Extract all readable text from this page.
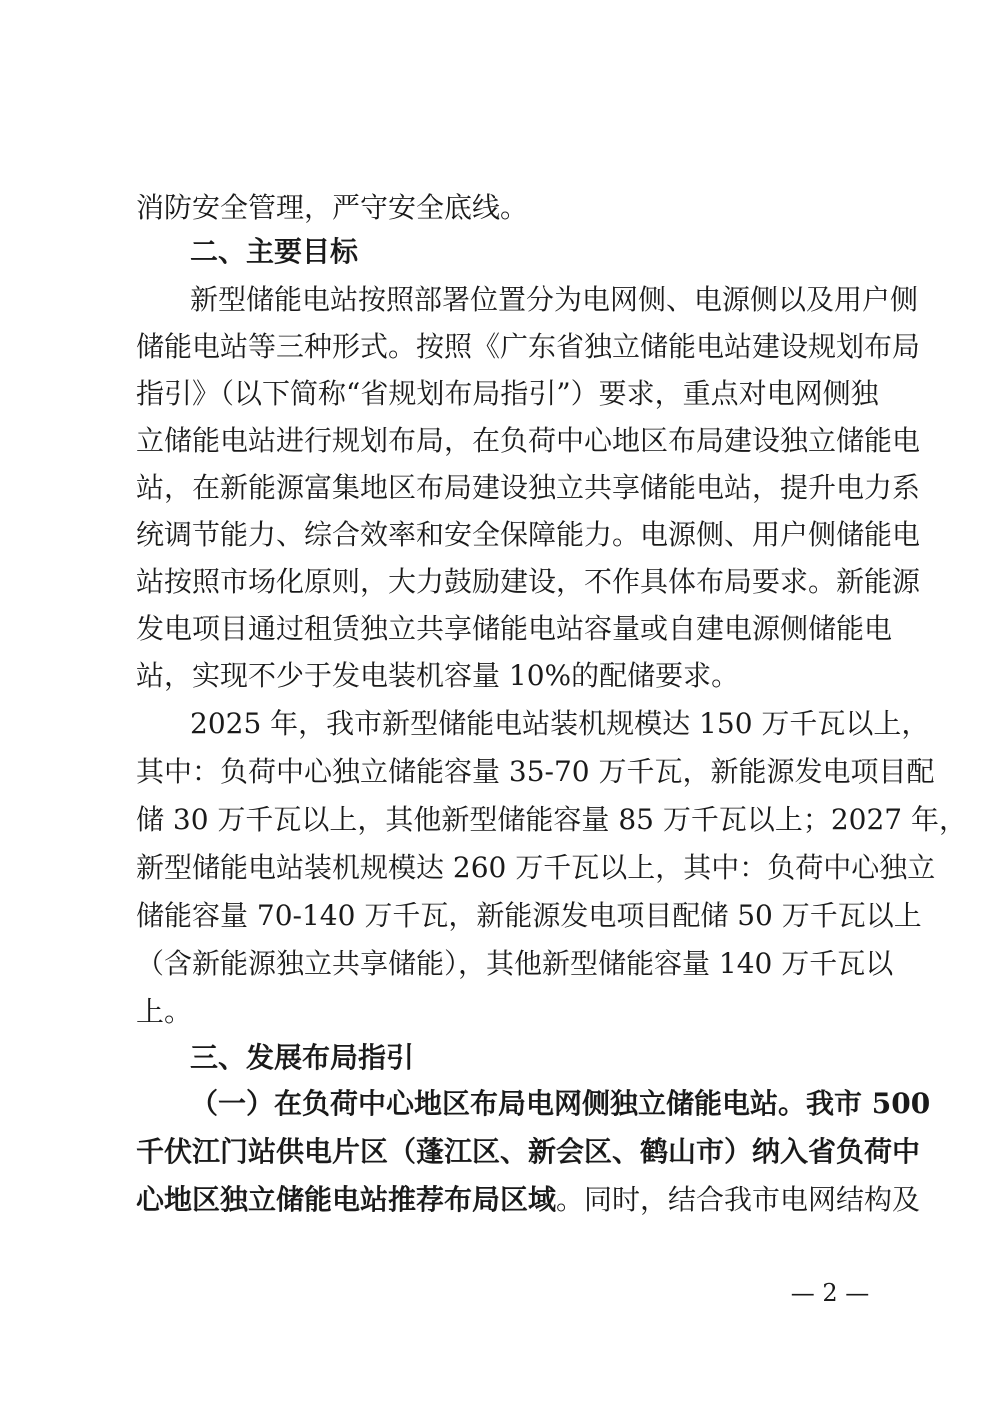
消防安全管理，严守安全底线。
二、主要目标
新型储能电站按照部署位置分为电网侧、电源侧以及用户侧
储能电站等三种形式。按照《广东省独立储能电站建设规划布局
指引》（以下简称“省规划布局指引”）要求，重点对电网侧独
立储能电站进行规划布局，在负荷中心地区布局建设独立储能电
站，在新能源富集地区布局建设独立共享储能电站，提升电力系
统调节能力、综合效率和安全保障能力。电源侧、用户侧储能电
站按照市场化原则，大力鼓励建设，不作具体布局要求。新能源
发电项目通过租赁独立共享储能电站容量或自建电源侧储能电
站，实现不少于发电装机容量 10%的配储要求。
2025 年，我市新型储能电站装机规模达 150 万千瓦以上，
其中：负荷中心独立储能容量 35-70 万千瓦，新能源发电项目配
储 30 万千瓦以上，其他新型储能容量 85 万千瓦以上；2027 年，
新型储能电站装机规模达 260 万千瓦以上，其中：负荷中心独立
储能容量 70-140 万千瓦，新能源发电项目配储 50 万千瓦以上
（含新能源独立共享储能），其他新型储能容量 140 万千瓦以
上。
三、发展布局指引
（一）在负荷中心地区布局电网侧独立储能电站。我市 500
千伏江门站供电片区（蓬江区、新会区、鹤山市）纳入省负荷中
心地区独立储能电站推荐布局区域。同时，结合我市电网结构及
— 2 —
